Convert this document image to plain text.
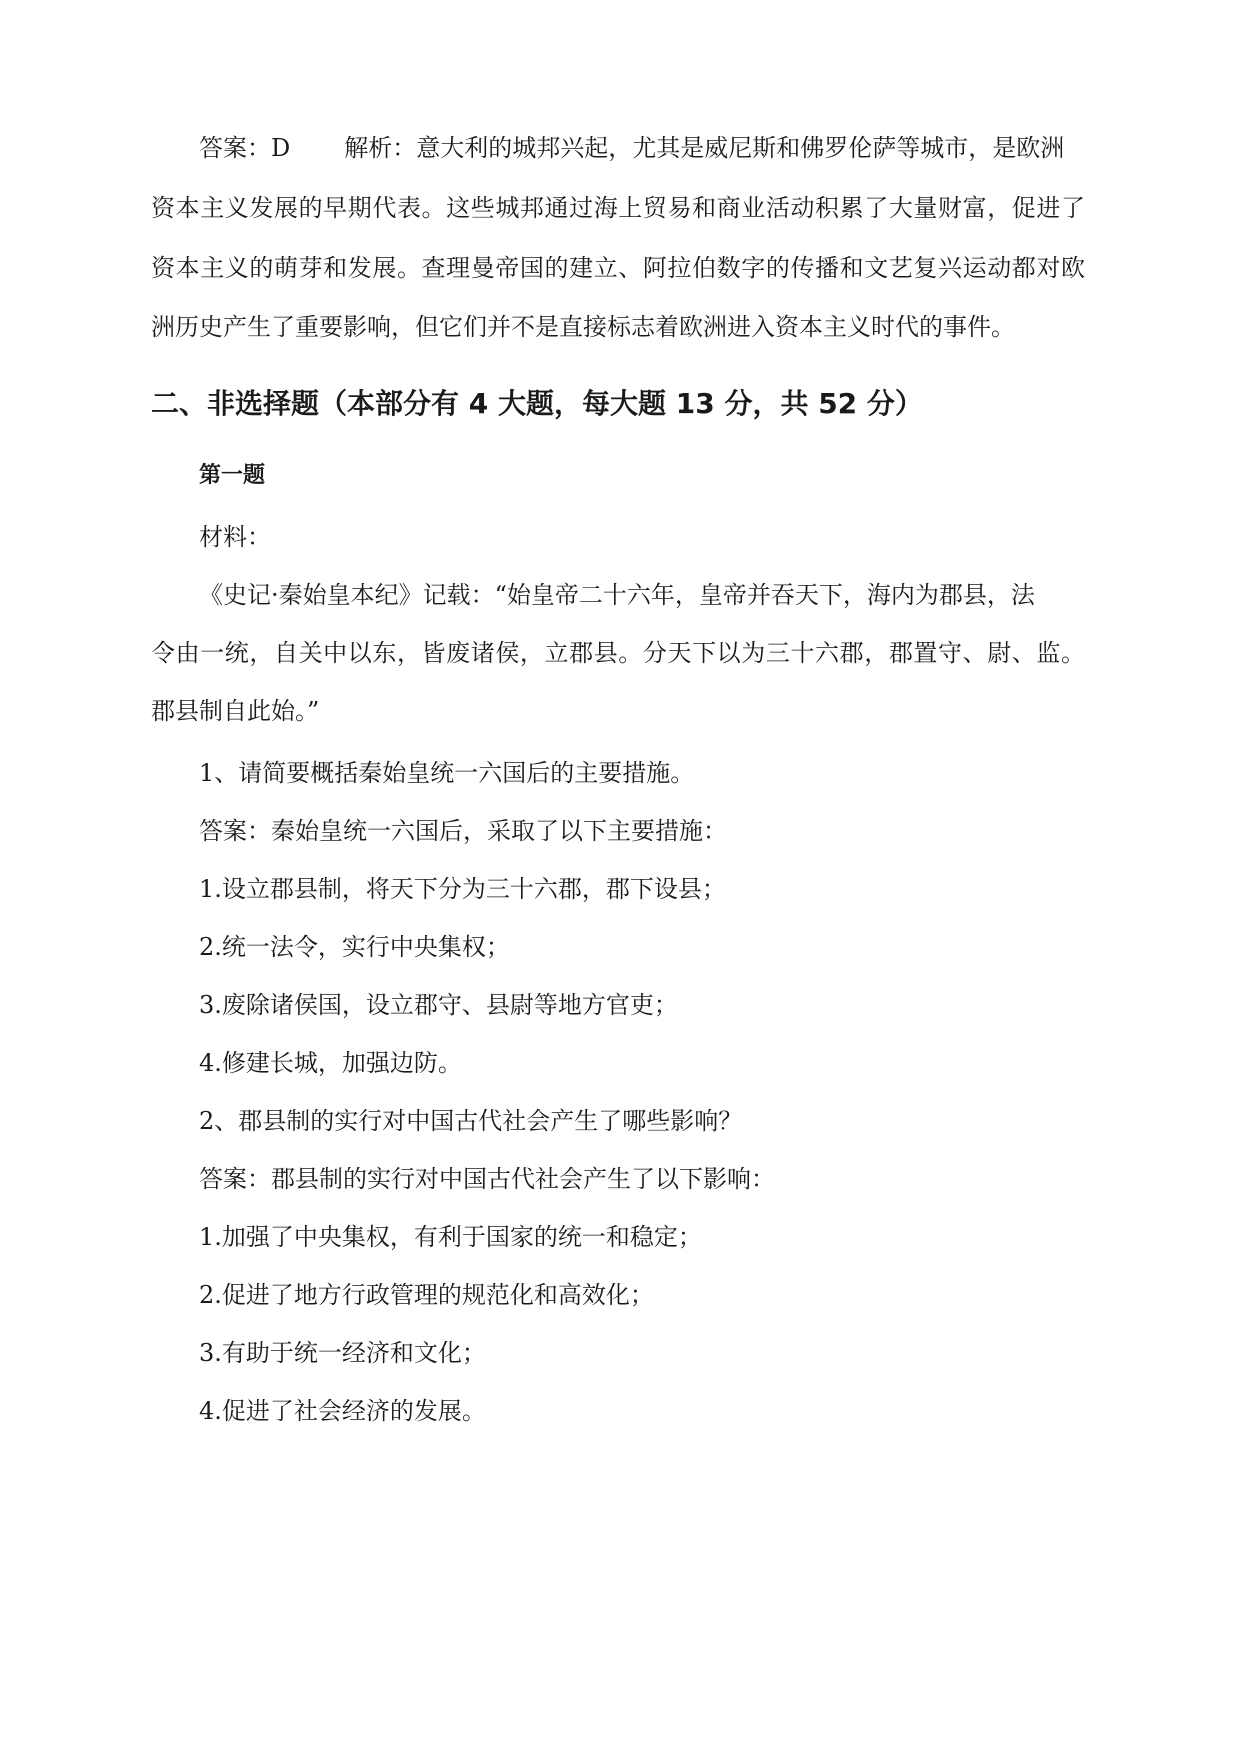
答案：D 解析：意大利的城邦兴起，尤其是威尼斯和佛罗伦萨等城市，是欧洲
资本主义发展的早期代表。这些城邦通过海上贸易和商业活动积累了大量财富，促进了
资本主义的萌芽和发展。查理曼帝国的建立、阿拉伯数字的传播和文艺复兴运动都对欧
洲历史产生了重要影响，但它们并不是直接标志着欧洲进入资本主义时代的事件。
二、非选择题（本部分有 4 大题，每大题 13 分，共 52 分）
第一题
材料：
《史记·秦始皇本纪》记载：“始皇帝二十六年，皇帝并吞天下，海内为郡县，法
令由一统，自关中以东，皆废诸侯，立郡县。分天下以为三十六郡，郡置守、尉、监。
郡县制自此始。”
1、请简要概括秦始皇统一六国后的主要措施。
答案：秦始皇统一六国后，采取了以下主要措施：
1.设立郡县制，将天下分为三十六郡，郡下设县；
2.统一法令，实行中央集权；
3.废除诸侯国，设立郡守、县尉等地方官吏；
4.修建长城，加强边防。
2、郡县制的实行对中国古代社会产生了哪些影响？
答案：郡县制的实行对中国古代社会产生了以下影响：
1.加强了中央集权，有利于国家的统一和稳定；
2.促进了地方行政管理的规范化和高效化；
3.有助于统一经济和文化；
4.促进了社会经济的发展。
